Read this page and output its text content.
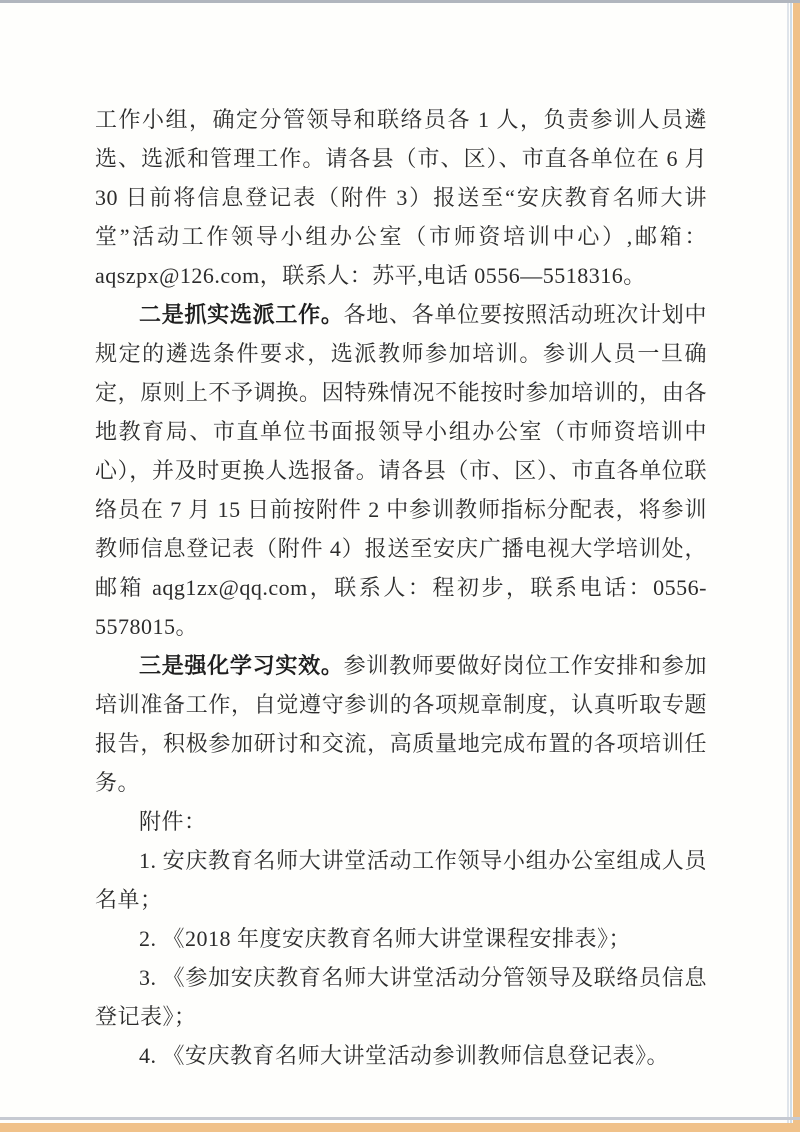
工作小组，确定分管领导和联络员各 1 人，负责参训人员遴选、选派和管理工作。请各县（市、区）、市直各单位在 6 月 30 日前将信息登记表（附件 3）报送至“安庆教育名师大讲堂”活动工作领导小组办公室（市师资培训中心）,邮箱：aqszpx@126.com，联系人：苏平,电话 0556—5518316。

二是抓实选派工作。各地、各单位要按照活动班次计划中规定的遴选条件要求，选派教师参加培训。参训人员一旦确定，原则上不予调换。因特殊情况不能按时参加培训的，由各地教育局、市直单位书面报领导小组办公室（市师资培训中心），并及时更换人选报备。请各县（市、区）、市直各单位联络员在 7 月 15 日前按附件 2 中参训教师指标分配表，将参训教师信息登记表（附件 4）报送至安庆广播电视大学培训处，邮箱 aqg1zx@qq.com，联系人：程初步，联系电话：0556-5578015。

三是强化学习实效。参训教师要做好岗位工作安排和参加培训准备工作，自觉遵守参训的各项规章制度，认真听取专题报告，积极参加研讨和交流，高质量地完成布置的各项培训任务。

附件：

1. 安庆教育名师大讲堂活动工作领导小组办公室组成人员名单；

2. 《2018 年度安庆教育名师大讲堂课程安排表》；

3. 《参加安庆教育名师大讲堂活动分管领导及联络员信息登记表》；

4. 《安庆教育名师大讲堂活动参训教师信息登记表》。
